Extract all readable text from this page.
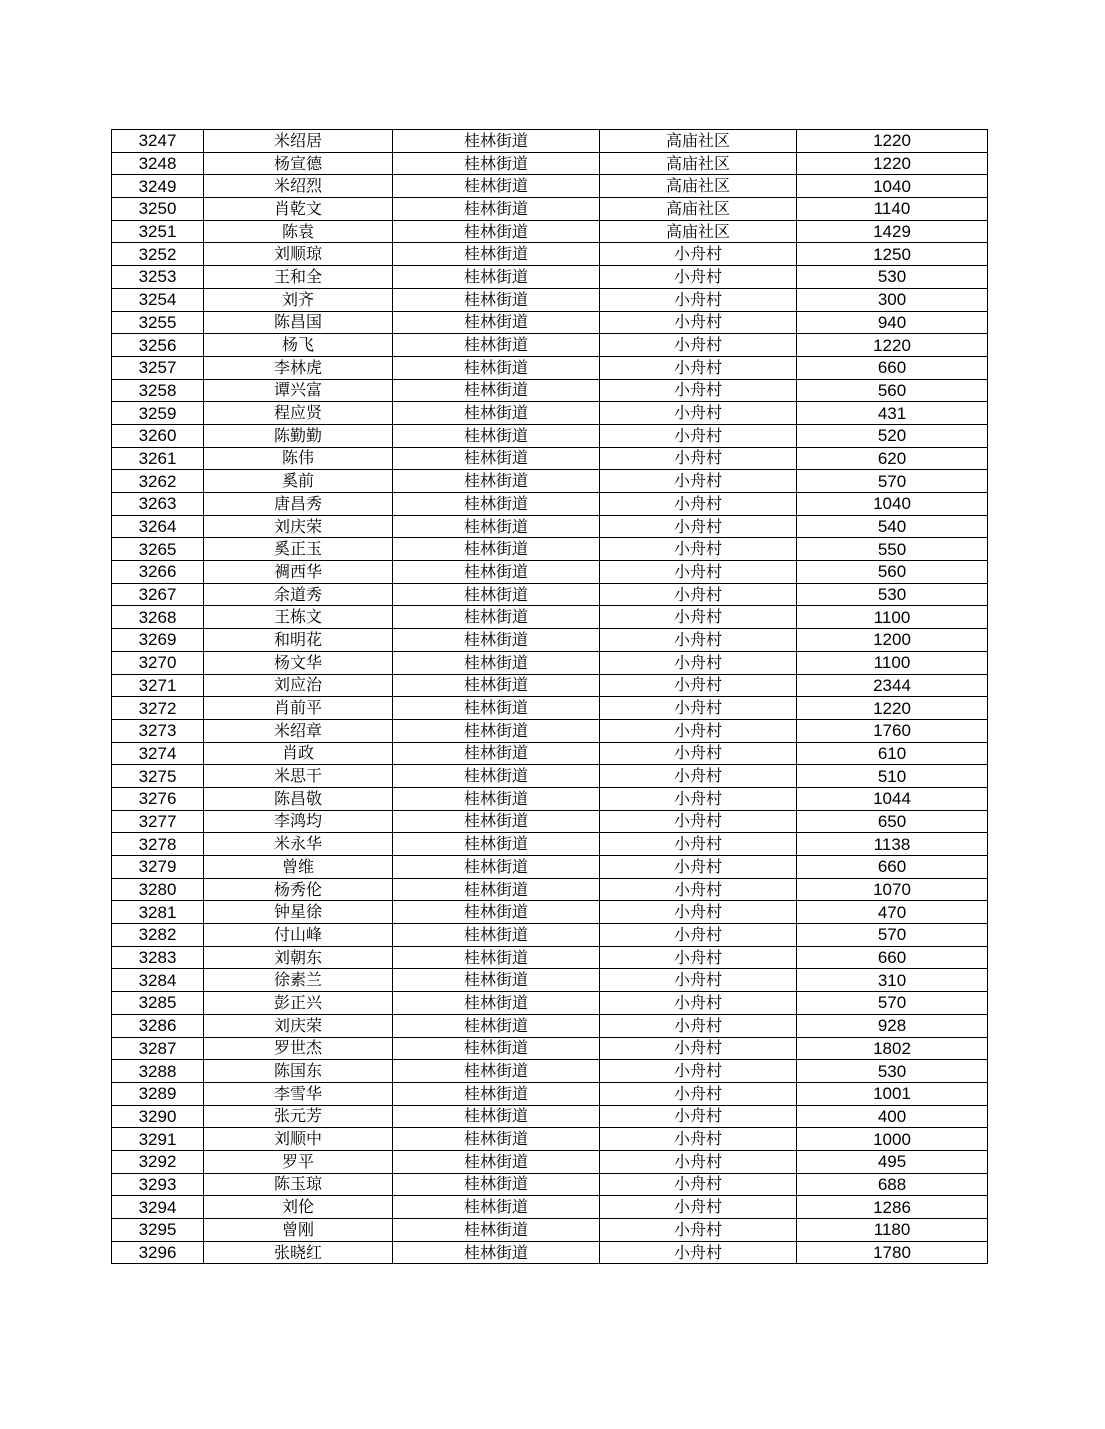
3247	米绍居	桂林街道	高庙社区	1220
3248	杨宣德	桂林街道	高庙社区	1220
3249	米绍烈	桂林街道	高庙社区	1040
3250	肖乾文	桂林街道	高庙社区	1140
3251	陈袁	桂林街道	高庙社区	1429
3252	刘顺琼	桂林街道	小舟村	1250
3253	王和全	桂林街道	小舟村	530
3254	刘齐	桂林街道	小舟村	300
3255	陈昌国	桂林街道	小舟村	940
3256	杨飞	桂林街道	小舟村	1220
3257	李林虎	桂林街道	小舟村	660
3258	谭兴富	桂林街道	小舟村	560
3259	程应贤	桂林街道	小舟村	431
3260	陈勤勤	桂林街道	小舟村	520
3261	陈伟	桂林街道	小舟村	620
3262	奚前	桂林街道	小舟村	570
3263	唐昌秀	桂林街道	小舟村	1040
3264	刘庆荣	桂林街道	小舟村	540
3265	奚正玉	桂林街道	小舟村	550
3266	裯西华	桂林街道	小舟村	560
3267	余道秀	桂林街道	小舟村	530
3268	王栋文	桂林街道	小舟村	1100
3269	和明花	桂林街道	小舟村	1200
3270	杨文华	桂林街道	小舟村	1100
3271	刘应治	桂林街道	小舟村	2344
3272	肖前平	桂林街道	小舟村	1220
3273	米绍章	桂林街道	小舟村	1760
3274	肖政	桂林街道	小舟村	610
3275	米思干	桂林街道	小舟村	510
3276	陈昌敬	桂林街道	小舟村	1044
3277	李鸿均	桂林街道	小舟村	650
3278	米永华	桂林街道	小舟村	1138
3279	曾维	桂林街道	小舟村	660
3280	杨秀伦	桂林街道	小舟村	1070
3281	钟星徐	桂林街道	小舟村	470
3282	付山峰	桂林街道	小舟村	570
3283	刘朝东	桂林街道	小舟村	660
3284	徐素兰	桂林街道	小舟村	310
3285	彭正兴	桂林街道	小舟村	570
3286	刘庆荣	桂林街道	小舟村	928
3287	罗世杰	桂林街道	小舟村	1802
3288	陈国东	桂林街道	小舟村	530
3289	李雪华	桂林街道	小舟村	1001
3290	张元芳	桂林街道	小舟村	400
3291	刘顺中	桂林街道	小舟村	1000
3292	罗平	桂林街道	小舟村	495
3293	陈玉琼	桂林街道	小舟村	688
3294	刘伦	桂林街道	小舟村	1286
3295	曾刚	桂林街道	小舟村	1180
3296	张晓红	桂林街道	小舟村	1780
